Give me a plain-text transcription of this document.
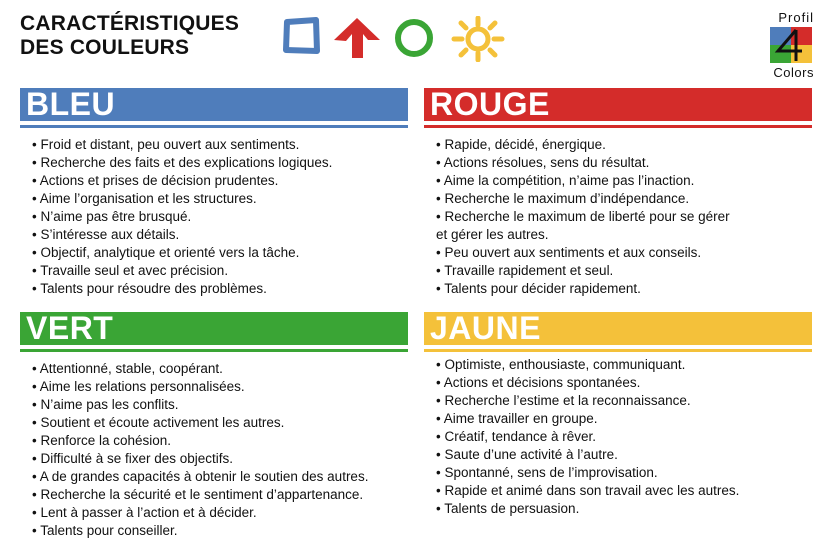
CARACTÉRISTIQUES
DES COULEURS
Profil
Colors
BLEU
• Froid et distant, peu ouvert aux sentiments.
• Recherche des faits et des explications logiques.
• Actions et prises de décision prudentes.
• Aime l’organisation et les structures.
• N’aime pas être brusqué.
• S’intéresse aux détails.
• Objectif, analytique et orienté vers la tâche.
• Travaille seul et avec précision.
• Talents pour résoudre des problèmes.
ROUGE
• Rapide, décidé, énergique.
• Actions résolues, sens du résultat.
• Aime la compétition, n’aime pas l’inaction.
• Recherche le maximum d’indépendance.
• Recherche le maximum de liberté pour se gérer
et gérer les autres.
• Peu ouvert aux sentiments et aux conseils.
• Travaille rapidement et seul.
• Talents pour décider rapidement.
VERT
• Attentionné, stable, coopérant.
• Aime les relations personnalisées.
• N’aime pas les conflits.
• Soutient et écoute activement les autres.
• Renforce la cohésion.
• Difficulté à se fixer des objectifs.
• A de grandes capacités à obtenir le soutien des autres.
• Recherche la sécurité et le sentiment d’appartenance.
• Lent à passer à l’action et à décider.
• Talents pour conseiller.
JAUNE
• Optimiste, enthousiaste, communiquant.
• Actions et décisions spontanées.
• Recherche l’estime et la reconnaissance.
• Aime travailler en groupe.
• Créatif, tendance à rêver.
• Saute d’une activité à l’autre.
• Spontanné, sens de l’improvisation.
• Rapide et animé dans son travail avec les autres.
• Talents de persuasion.
